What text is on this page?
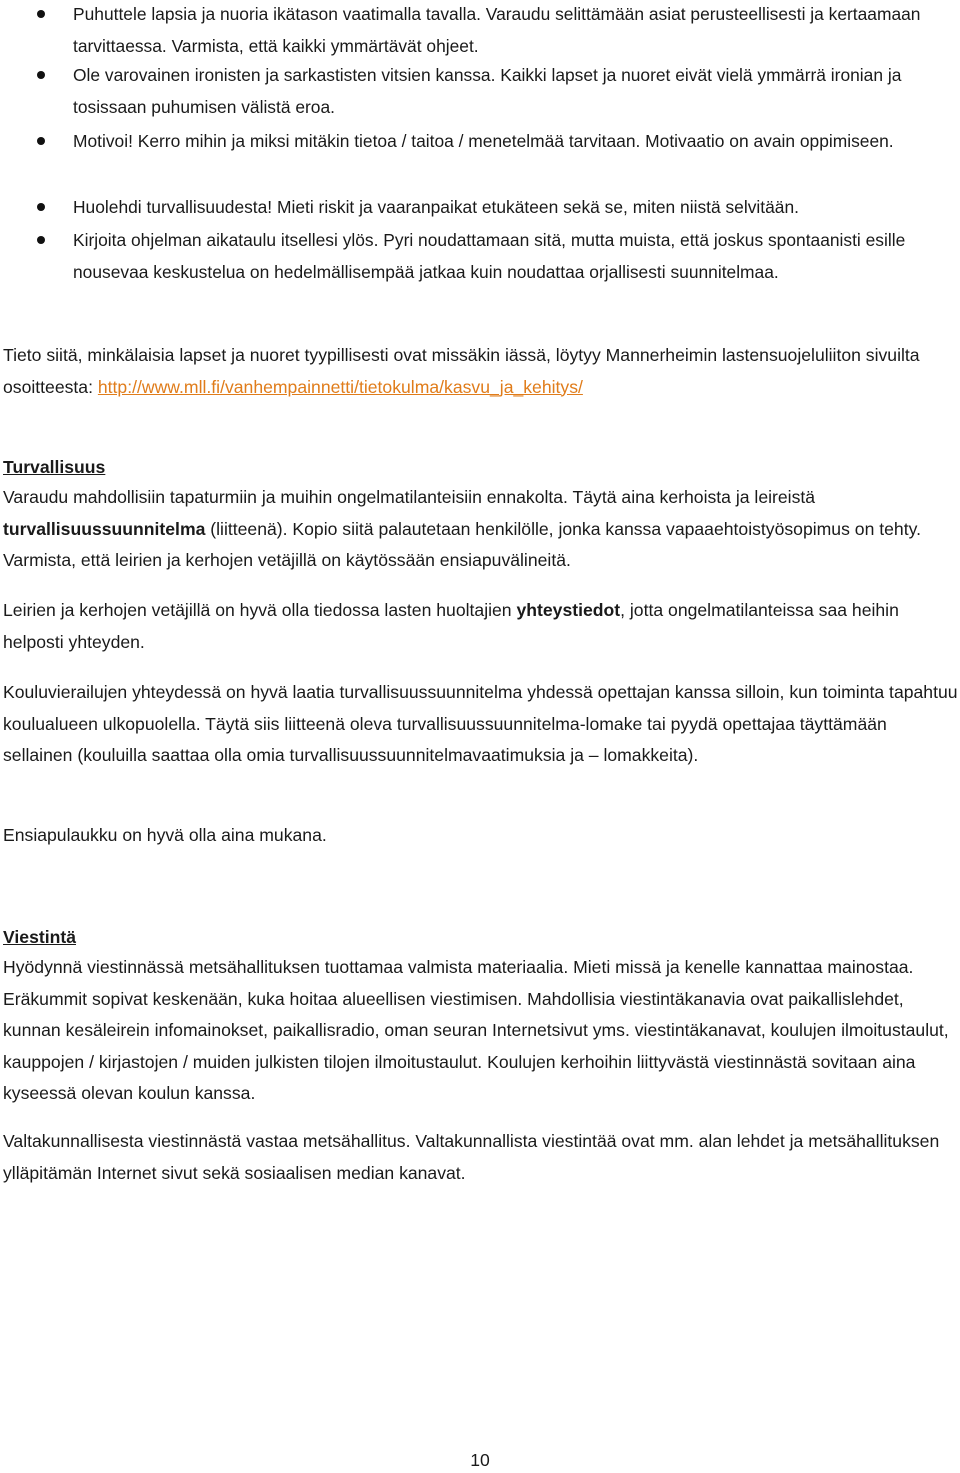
Puhuttele lapsia ja nuoria ikätason vaatimalla tavalla. Varaudu selittämään asiat perusteellisesti ja kertaamaan tarvittaessa. Varmista, että kaikki ymmärtävät ohjeet.
Ole varovainen ironisten ja sarkastisten vitsien kanssa. Kaikki lapset ja nuoret eivät vielä ymmärrä ironian ja tosissaan puhumisen välistä eroa.
Motivoi! Kerro mihin ja miksi mitäkin tietoa / taitoa / menetelmää tarvitaan. Motivaatio on avain oppimiseen.
Huolehdi turvallisuudesta! Mieti riskit ja vaaranpaikat etukäteen sekä se, miten niistä selvitään.
Kirjoita ohjelman aikataulu itsellesi ylös. Pyri noudattamaan sitä, mutta muista, että joskus spontaanisti esille nousevaa keskustelua on hedelmällisempää jatkaa kuin noudattaa orjallisesti suunnitelmaa.

Tieto siitä, minkälaisia lapset ja nuoret tyypillisesti ovat missäkin iässä, löytyy Mannerheimin lastensuojeluliiton sivuilta osoitteesta: http://www.mll.fi/vanhempainnetti/tietokulma/kasvu_ja_kehitys/

Turvallisuus

Varaudu mahdollisiin tapaturmiin ja muihin ongelmatilanteisiin ennakolta. Täytä aina kerhoista ja leireistä turvallisuussuunnitelma (liitteenä). Kopio siitä palautetaan henkilölle, jonka kanssa vapaaehtoistyösopimus on tehty. Varmista, että leirien ja kerhojen vetäjillä on käytössään ensiapuvälineitä.

Leirien ja kerhojen vetäjillä on hyvä olla tiedossa lasten huoltajien yhteystiedot, jotta ongelmatilanteissa saa heihin helposti yhteyden.

Kouluvierailujen yhteydessä on hyvä laatia turvallisuussuunnitelma yhdessä opettajan kanssa silloin, kun toiminta tapahtuu koulualueen ulkopuolella. Täytä siis liitteenä oleva turvallisuussuunnitelma-lomake tai pyydä opettajaa täyttämään sellainen (kouluilla saattaa olla omia turvallisuussuunnitelmavaatimuksia ja – lomakkeita).

Ensiapulaukku on hyvä olla aina mukana.

Viestintä

Hyödynnä viestinnässä metsähallituksen tuottamaa valmista materiaalia. Mieti missä ja kenelle kannattaa mainostaa. Eräkummit sopivat keskenään, kuka hoitaa alueellisen viestimisen. Mahdollisia viestintäkanavia ovat paikallislehdet, kunnan kesäleirein infomainokset, paikallisradio, oman seuran Internetsivut yms. viestintäkanavat, koulujen ilmoitustaulut, kauppojen / kirjastojen / muiden julkisten tilojen ilmoitustaulut. Koulujen kerhoihin liittyvästä viestinnästä sovitaan aina kyseessä olevan koulun kanssa.

Valtakunnallisesta viestinnästä vastaa metsähallitus. Valtakunnallista viestintää ovat mm. alan lehdet ja metsähallituksen ylläpitämän Internet sivut sekä sosiaalisen median kanavat.

10
